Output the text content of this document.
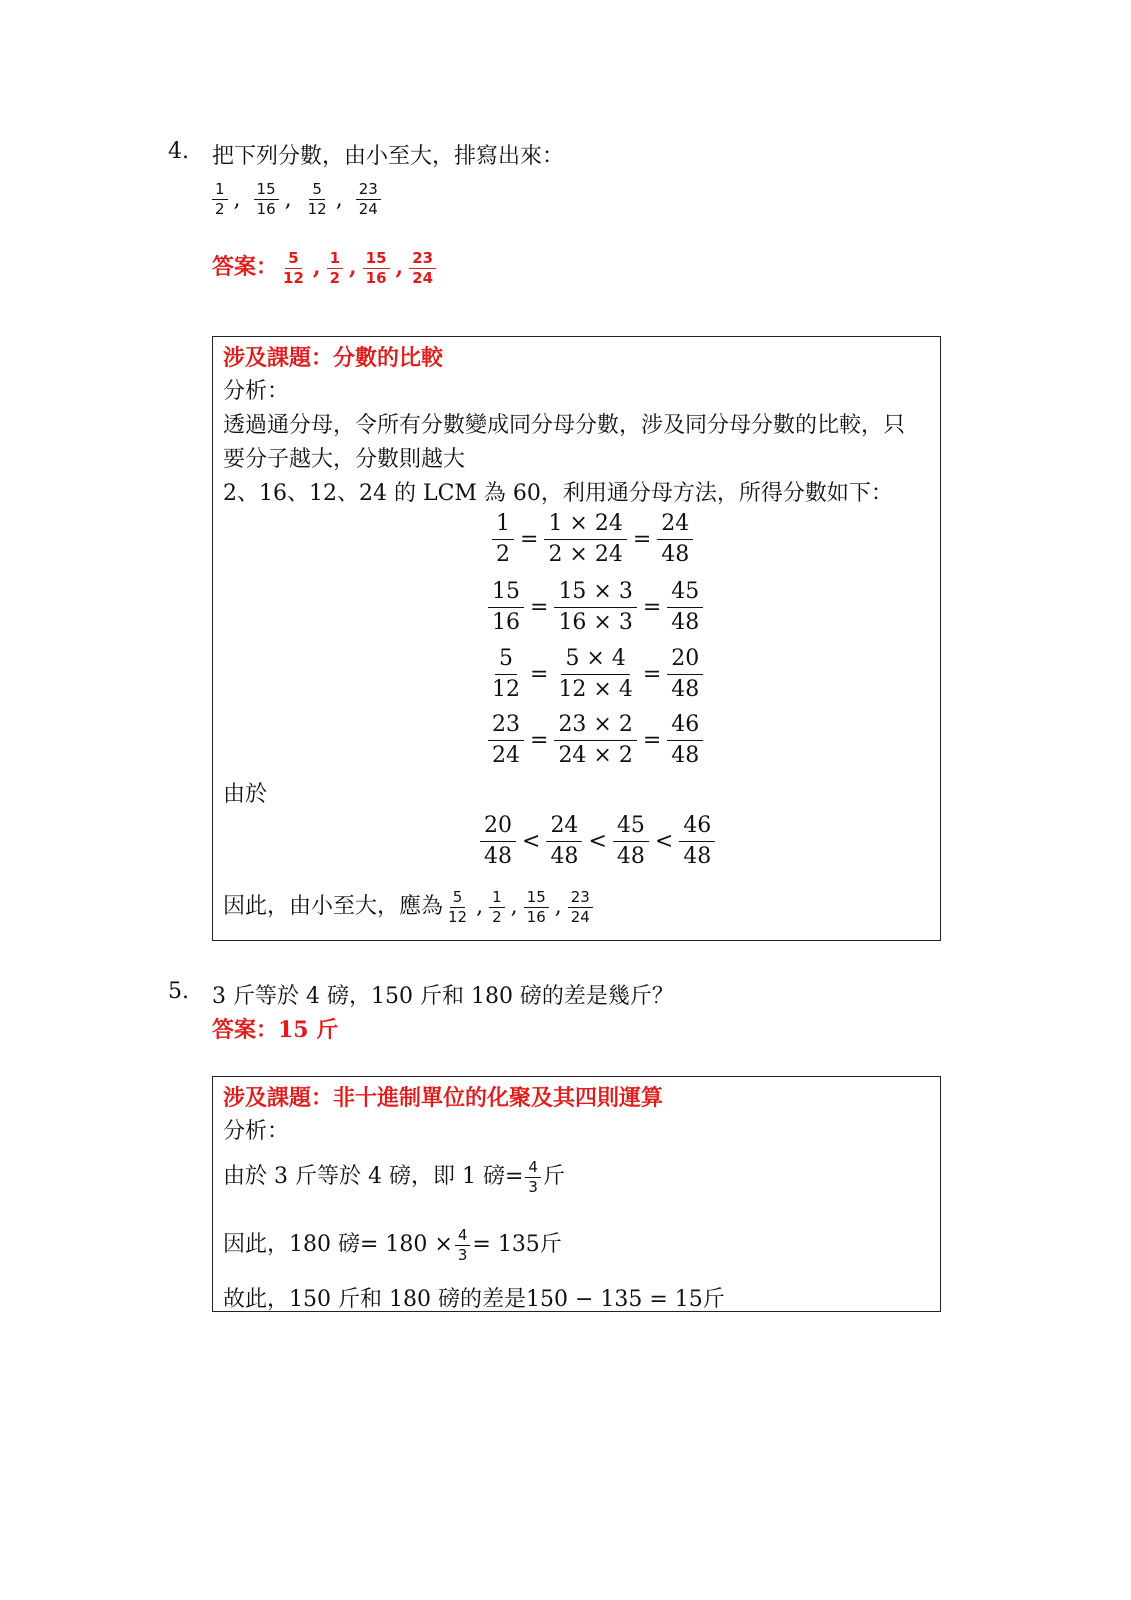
4. 把下列分數，由小至大，排寫出來：
$\frac{1}{2}$ , $\frac{15}{16}$ , $\frac{5}{12}$ , $\frac{23}{24}$
答案： $\frac{5}{12}$ , $\frac{1}{2}$ , $\frac{15}{16}$ , $\frac{23}{24}$
涉及課題：分數的比較
分析：
透過通分母，令所有分數變成同分母分數，涉及同分母分數的比較，只
要分子越大，分數則越大
2、16、12、24 的 LCM 為 60，利用通分母方法，所得分數如下：
$\frac{1}{2} = \frac{1 \times 24}{2 \times 24} = \frac{24}{48}$
$\frac{15}{16} = \frac{15 \times 3}{16 \times 3} = \frac{45}{48}$
$\frac{5}{12} = \frac{5 \times 4}{12 \times 4} = \frac{20}{48}$
$\frac{23}{24} = \frac{23 \times 2}{24 \times 2} = \frac{46}{48}$
由於
$\frac{20}{48} < \frac{24}{48} < \frac{45}{48} < \frac{46}{48}$
因此，由小至大，應為 $\frac{5}{12}$ , $\frac{1}{2}$ , $\frac{15}{16}$ , $\frac{23}{24}$
5. 3 斤等於 4 磅，150 斤和 180 磅的差是幾斤？
答案：15 斤
涉及課題：非十進制單位的化聚及其四則運算
分析：
由於 3 斤等於 4 磅，即 1 磅= $\frac{4}{3}$ 斤
因此，180 磅= $180 \times \frac{4}{3} = 135$斤
故此，150 斤和 180 磅的差是150 − 135 = 15斤
